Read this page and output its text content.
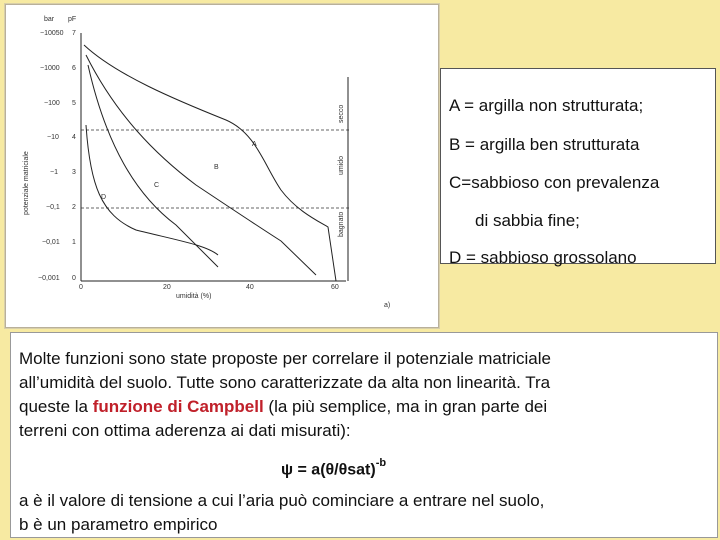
bar pF
−10050
−1000
−100
−10
−1
−0,1
−0,01
−0,001
7
6
5
4
3
2
1
0
potenziale matriciale
0	20	40	60
a)
umidità (%)
secco
umido
bagnato
A
B
C
D
A = argilla non strutturata;
B = argilla ben strutturata
C=sabbioso con prevalenza
di sabbia fine;
D = sabbioso grossolano

Molte funzioni sono state proposte per correlare il potenziale matriciale

all’umidità del suolo. Tutte sono caratterizzate da alta non linearità. Tra

queste la funzione di Campbell (la più semplice, ma in gran parte dei

terreni con ottima aderenza ai dati misurati):

$\psi = a(\theta/\theta sat)^{-b}$

a è il valore di tensione a cui l’aria può cominciare a entrare nel suolo,

b è un parametro empirico
